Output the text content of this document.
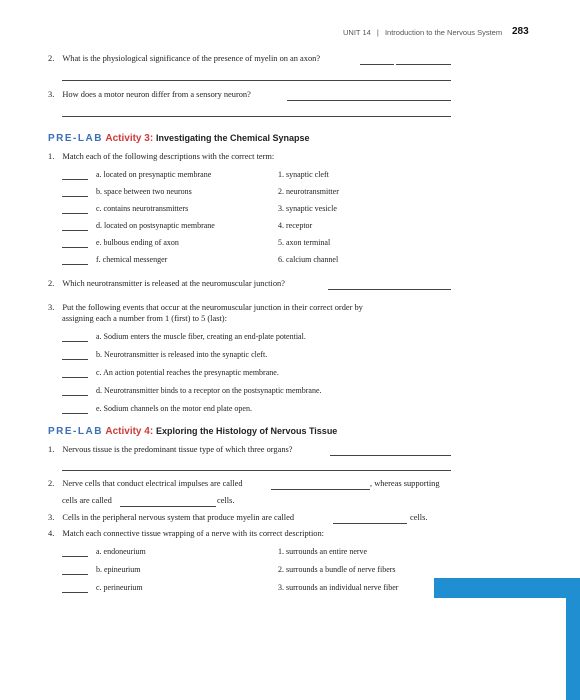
UNIT 14 | Introduction to the Nervous System 283
2. What is the physiological significance of the presence of myelin on an axon?
3. How does a motor neuron differ from a sensory neuron?
PRE-LAB Activity 3: Investigating the Chemical Synapse
1. Match each of the following descriptions with the correct term:
a. located on presynaptic membrane	1. synaptic cleft
b. space between two neurons	2. neurotransmitter
c. contains neurotransmitters	3. synaptic vesicle
d. located on postsynaptic membrane	4. receptor
e. bulbous ending of axon	5. axon terminal
f. chemical messenger	6. calcium channel
2. Which neurotransmitter is released at the neuromuscular junction?
3. Put the following events that occur at the neuromuscular junction in their correct order by
assigning each a number from 1 (first) to 5 (last):
a. Sodium enters the muscle fiber, creating an end-plate potential.
b. Neurotransmitter is released into the synaptic cleft.
c. An action potential reaches the presynaptic membrane.
d. Neurotransmitter binds to a receptor on the postsynaptic membrane.
e. Sodium channels on the motor end plate open.
PRE-LAB Activity 4: Exploring the Histology of Nervous Tissue
1. Nervous tissue is the predominant tissue type of which three organs?
2. Nerve cells that conduct electrical impulses are called	, whereas supporting
cells are called	cells.
3. Cells in the peripheral nervous system that produce myelin are called	cells.
4. Match each connective tissue wrapping of a nerve with its correct description:
a. endoneurium	1. surrounds an entire nerve
b. epineurium	2. surrounds a bundle of nerve fibers
c. perineurium	3. surrounds an individual nerve fiber
